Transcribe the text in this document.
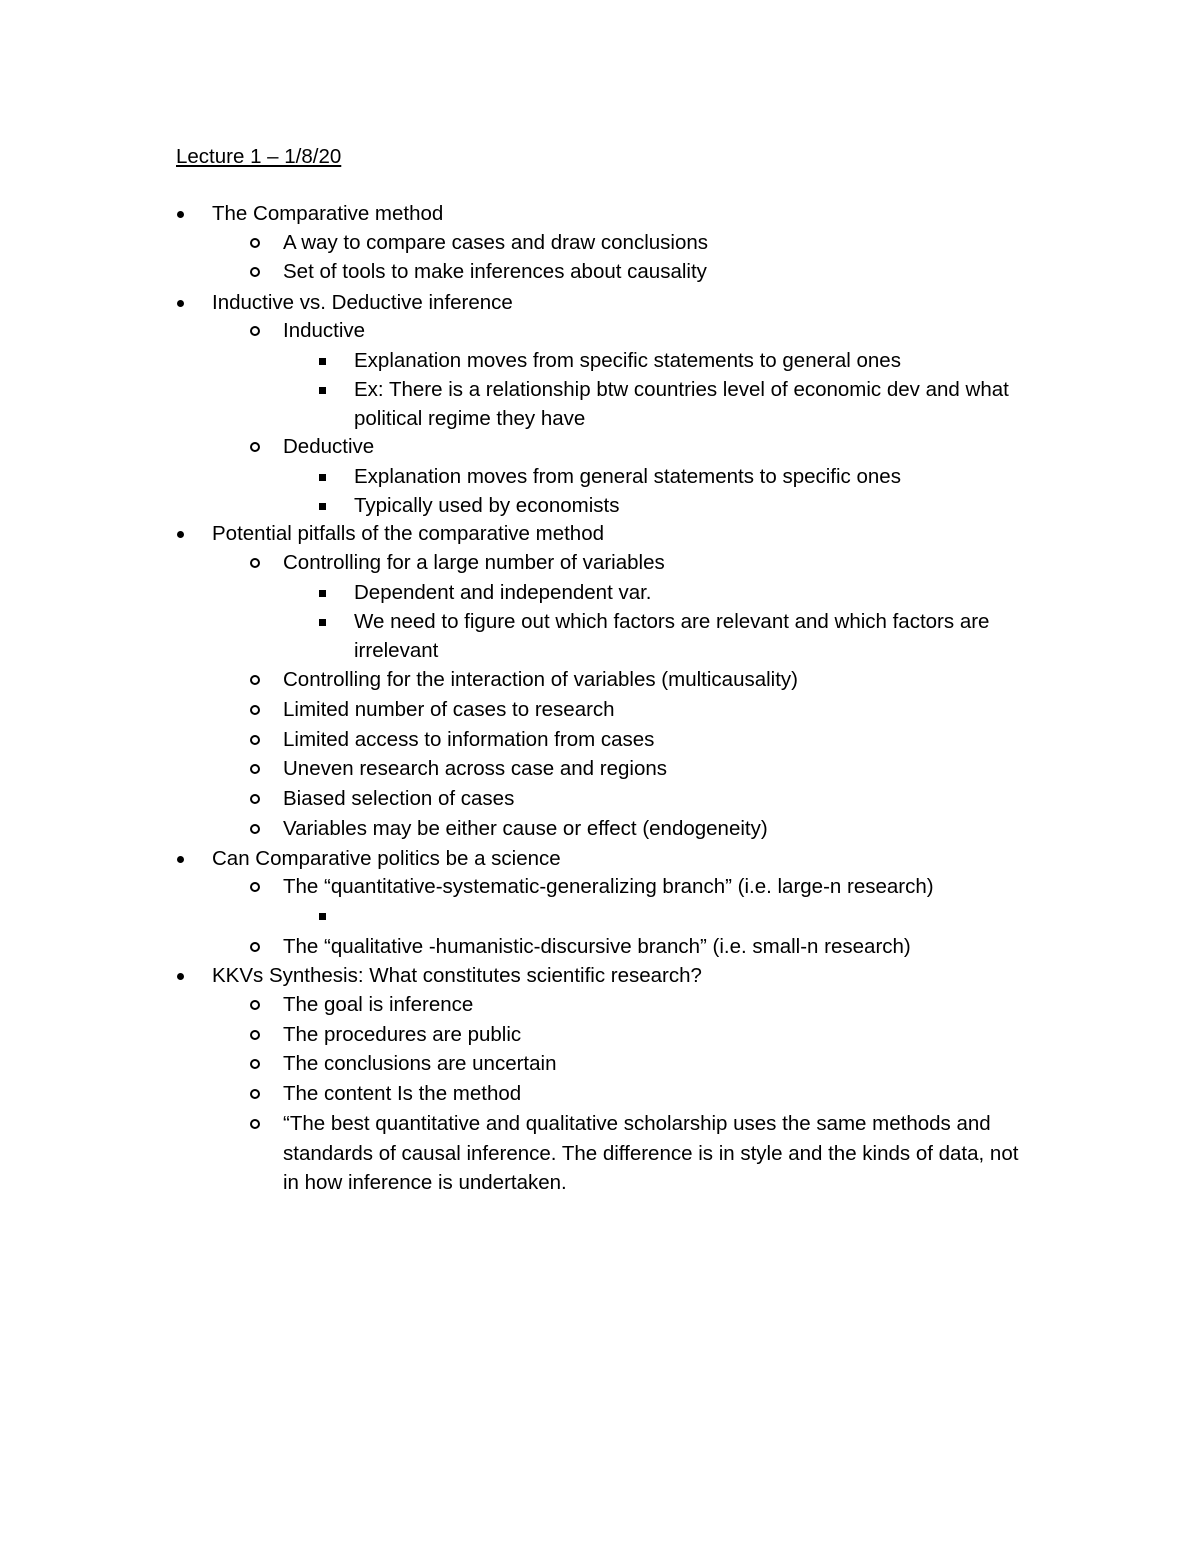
Lecture 1 – 1/8/20
The Comparative method
A way to compare cases and draw conclusions
Set of tools to make inferences about causality
Inductive vs. Deductive inference
Inductive
Explanation moves from specific statements to general ones
Ex: There is a relationship btw countries level of economic dev and what
political regime they have
Deductive
Explanation moves from general statements to specific ones
Typically used by economists
Potential pitfalls of the comparative method
Controlling for a large number of variables
Dependent and independent var.
We need to figure out which factors are relevant and which factors are
irrelevant
Controlling for the interaction of variables (multicausality)
Limited number of cases to research
Limited access to information from cases
Uneven research across case and regions
Biased selection of cases
Variables may be either cause or effect (endogeneity)
Can Comparative politics be a science
The “quantitative-systematic-generalizing branch” (i.e. large-n research)
The “qualitative -humanistic-discursive branch” (i.e. small-n research)
KKVs Synthesis: What constitutes scientific research?
The goal is inference
The procedures are public
The conclusions are uncertain
The content Is the method
“The best quantitative and qualitative scholarship uses the same methods and
standards of causal inference. The difference is in style and the kinds of data, not
in how inference is undertaken.
